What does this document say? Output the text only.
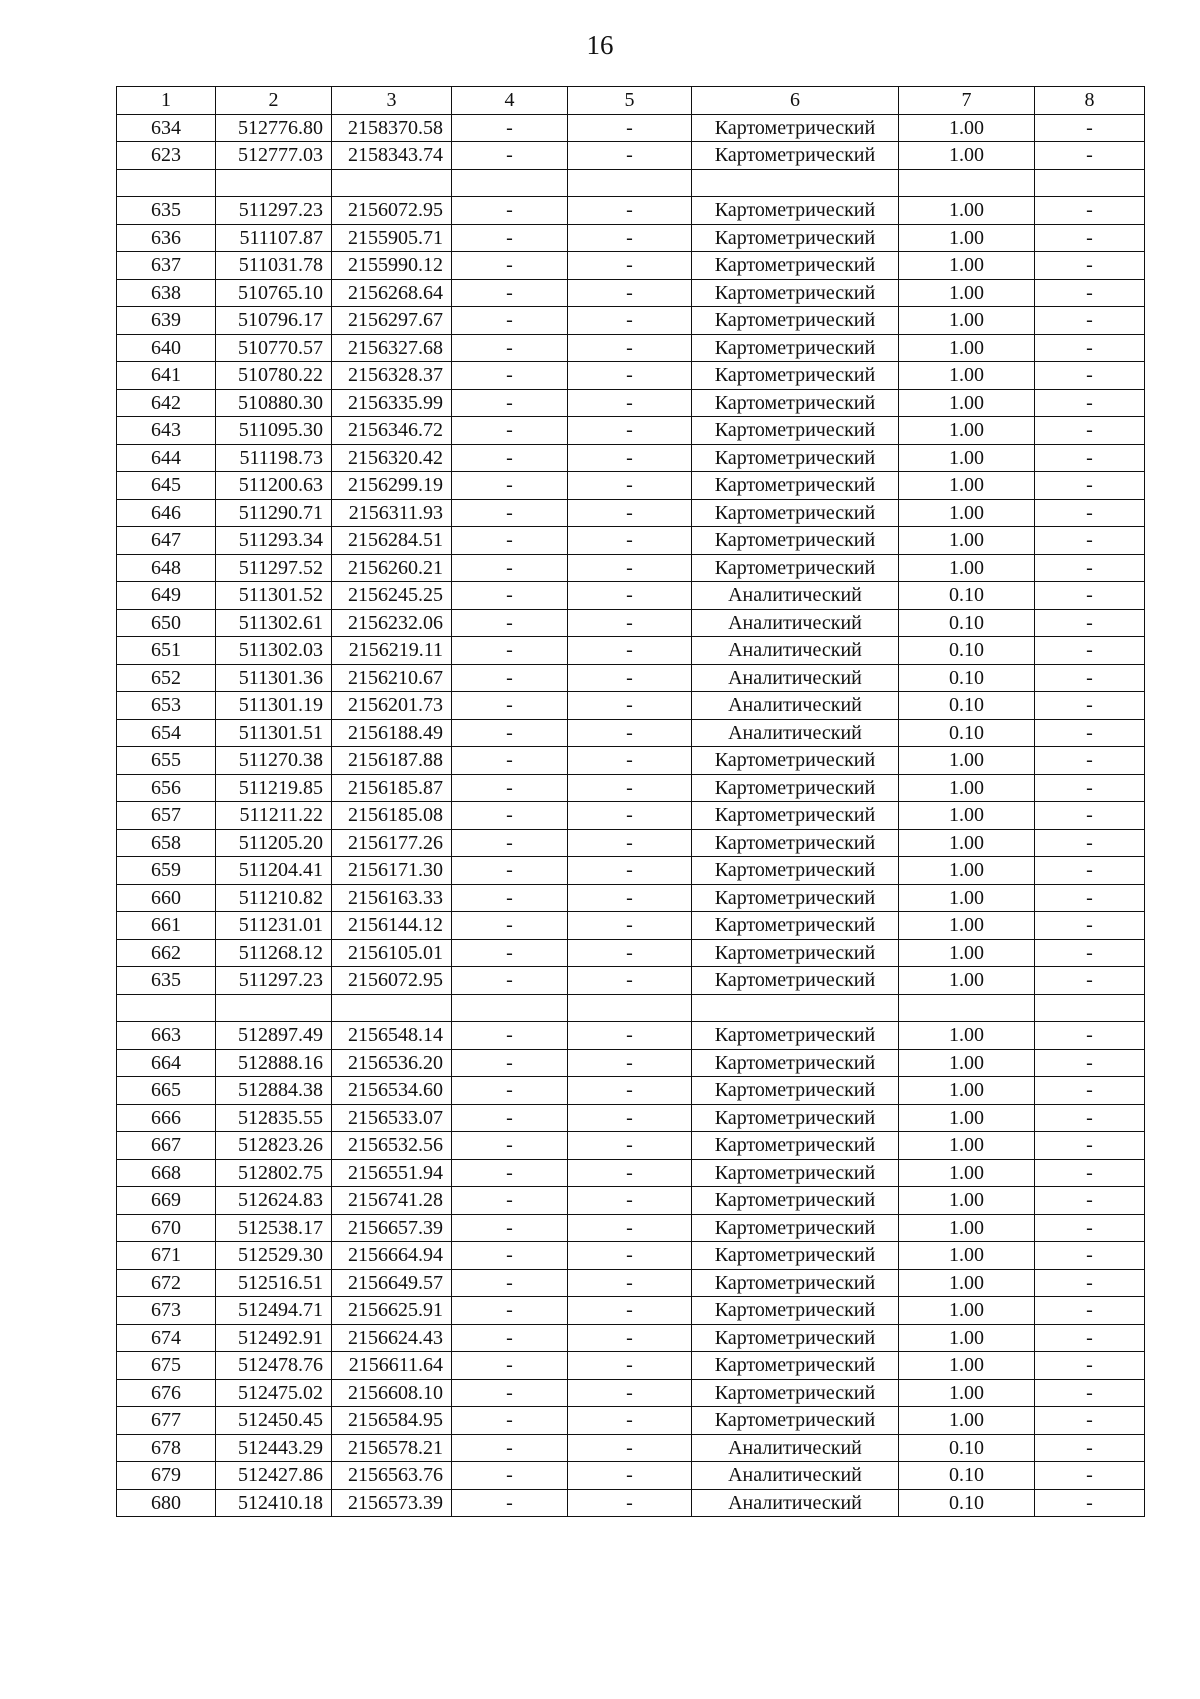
16
1	2	3	4	5	6	7	8
634	512776.80	2158370.58	-	-	Картометрический	1.00	-
623	512777.03	2158343.74	-	-	Картометрический	1.00	-

635	511297.23	2156072.95	-	-	Картометрический	1.00	-
636	511107.87	2155905.71	-	-	Картометрический	1.00	-
637	511031.78	2155990.12	-	-	Картометрический	1.00	-
638	510765.10	2156268.64	-	-	Картометрический	1.00	-
639	510796.17	2156297.67	-	-	Картометрический	1.00	-
640	510770.57	2156327.68	-	-	Картометрический	1.00	-
641	510780.22	2156328.37	-	-	Картометрический	1.00	-
642	510880.30	2156335.99	-	-	Картометрический	1.00	-
643	511095.30	2156346.72	-	-	Картометрический	1.00	-
644	511198.73	2156320.42	-	-	Картометрический	1.00	-
645	511200.63	2156299.19	-	-	Картометрический	1.00	-
646	511290.71	2156311.93	-	-	Картометрический	1.00	-
647	511293.34	2156284.51	-	-	Картометрический	1.00	-
648	511297.52	2156260.21	-	-	Картометрический	1.00	-
649	511301.52	2156245.25	-	-	Аналитический	0.10	-
650	511302.61	2156232.06	-	-	Аналитический	0.10	-
651	511302.03	2156219.11	-	-	Аналитический	0.10	-
652	511301.36	2156210.67	-	-	Аналитический	0.10	-
653	511301.19	2156201.73	-	-	Аналитический	0.10	-
654	511301.51	2156188.49	-	-	Аналитический	0.10	-
655	511270.38	2156187.88	-	-	Картометрический	1.00	-
656	511219.85	2156185.87	-	-	Картометрический	1.00	-
657	511211.22	2156185.08	-	-	Картометрический	1.00	-
658	511205.20	2156177.26	-	-	Картометрический	1.00	-
659	511204.41	2156171.30	-	-	Картометрический	1.00	-
660	511210.82	2156163.33	-	-	Картометрический	1.00	-
661	511231.01	2156144.12	-	-	Картометрический	1.00	-
662	511268.12	2156105.01	-	-	Картометрический	1.00	-
635	511297.23	2156072.95	-	-	Картометрический	1.00	-

663	512897.49	2156548.14	-	-	Картометрический	1.00	-
664	512888.16	2156536.20	-	-	Картометрический	1.00	-
665	512884.38	2156534.60	-	-	Картометрический	1.00	-
666	512835.55	2156533.07	-	-	Картометрический	1.00	-
667	512823.26	2156532.56	-	-	Картометрический	1.00	-
668	512802.75	2156551.94	-	-	Картометрический	1.00	-
669	512624.83	2156741.28	-	-	Картометрический	1.00	-
670	512538.17	2156657.39	-	-	Картометрический	1.00	-
671	512529.30	2156664.94	-	-	Картометрический	1.00	-
672	512516.51	2156649.57	-	-	Картометрический	1.00	-
673	512494.71	2156625.91	-	-	Картометрический	1.00	-
674	512492.91	2156624.43	-	-	Картометрический	1.00	-
675	512478.76	2156611.64	-	-	Картометрический	1.00	-
676	512475.02	2156608.10	-	-	Картометрический	1.00	-
677	512450.45	2156584.95	-	-	Картометрический	1.00	-
678	512443.29	2156578.21	-	-	Аналитический	0.10	-
679	512427.86	2156563.76	-	-	Аналитический	0.10	-
680	512410.18	2156573.39	-	-	Аналитический	0.10	-
